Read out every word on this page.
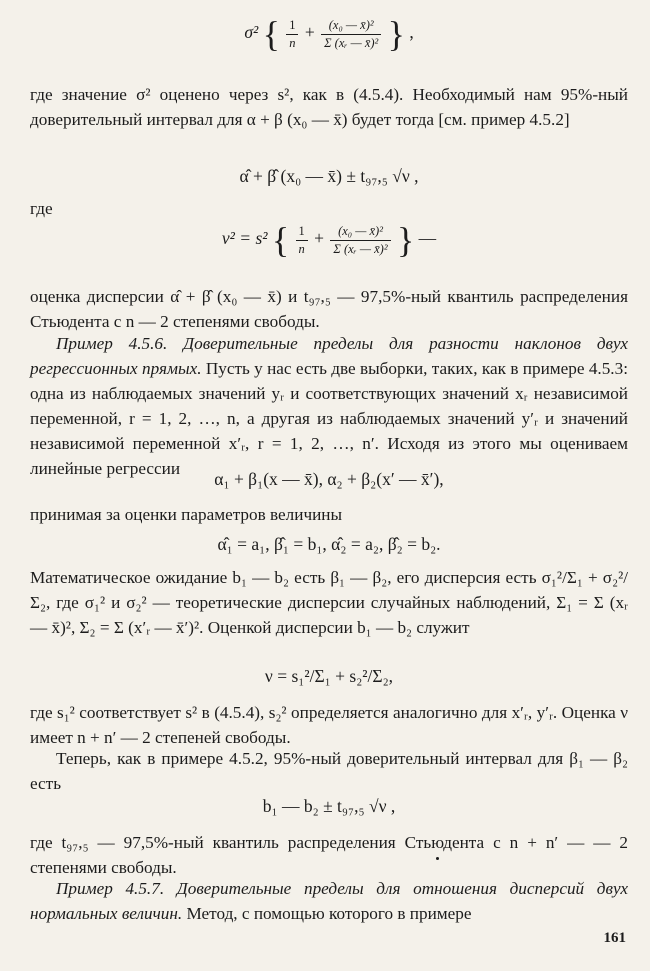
σ² { $\frac{1}{n} + \frac{\text{(x₀ — x̄)²}}{\text{Σ (xᵣ — x̄)²}}$ } ,

где значение σ² оценено через s², как в (4.5.4). Необходимый нам 95%-ный доверительный интервал для α + β (x₀ — x̄) будет тогда [см. пример 4.5.2]

α̂ + β̂ (x₀ — x̄) ± t₉₇,₅ √ν ,

где

ν² = s² { $\frac{1}{n} + \frac{\text{(x₀ — x̄)²}}{\text{Σ (xᵣ — x̄)²}}$ } —

оценка дисперсии α̂ + β̂ (x₀ — x̄) и t₉₇,₅ — 97,5%-ный квантиль распределения Стьюдента с n — 2 степенями свободы.

Пример 4.5.6. Доверительные пределы для разности наклонов двух регрессионных прямых. Пусть у нас есть две выборки, таких, как в примере 4.5.3: одна из наблюдаемых значений yᵣ и соответствующих значений xᵣ независимой переменной, r = 1, 2, …, n, а другая из наблюдаемых значений y′ᵣ и значений независимой переменной x′ᵣ, r = 1, 2, …, n′. Исходя из этого мы оцениваем линейные регрессии

α₁ + β₁(x — x̄), α₂ + β₂(x′ — x̄′),

принимая за оценки параметров величины

α̂₁ = a₁, β̂₁ = b₁, α̂₂ = a₂, β̂₂ = b₂.

Математическое ожидание b₁ — b₂ есть β₁ — β₂, его дисперсия есть σ₁²/Σ₁ + σ₂²/Σ₂, где σ₁² и σ₂² — теоретические дисперсии случайных наблюдений, Σ₁ = Σ (xᵣ — x̄)², Σ₂ = Σ (x′ᵣ — x̄′)². Оценкой дисперсии b₁ — b₂ служит

ν = s₁²/Σ₁ + s₂²/Σ₂,

где s₁² соответствует s² в (4.5.4), s₂² определяется аналогично для x′ᵣ, y′ᵣ. Оценка ν имеет n + n′ — 2 степеней свободы.

Теперь, как в примере 4.5.2, 95%-ный доверительный интервал для β₁ — β₂ есть

b₁ — b₂ ± t₉₇,₅ √ν ,

где t₉₇,₅ — 97,5%-ный квантиль распределения Стьюдента с n + n′ — — 2 степенями свободы.

Пример 4.5.7. Доверительные пределы для отношения дисперсий двух нормальных величин. Метод, с помощью которого в примере

161
